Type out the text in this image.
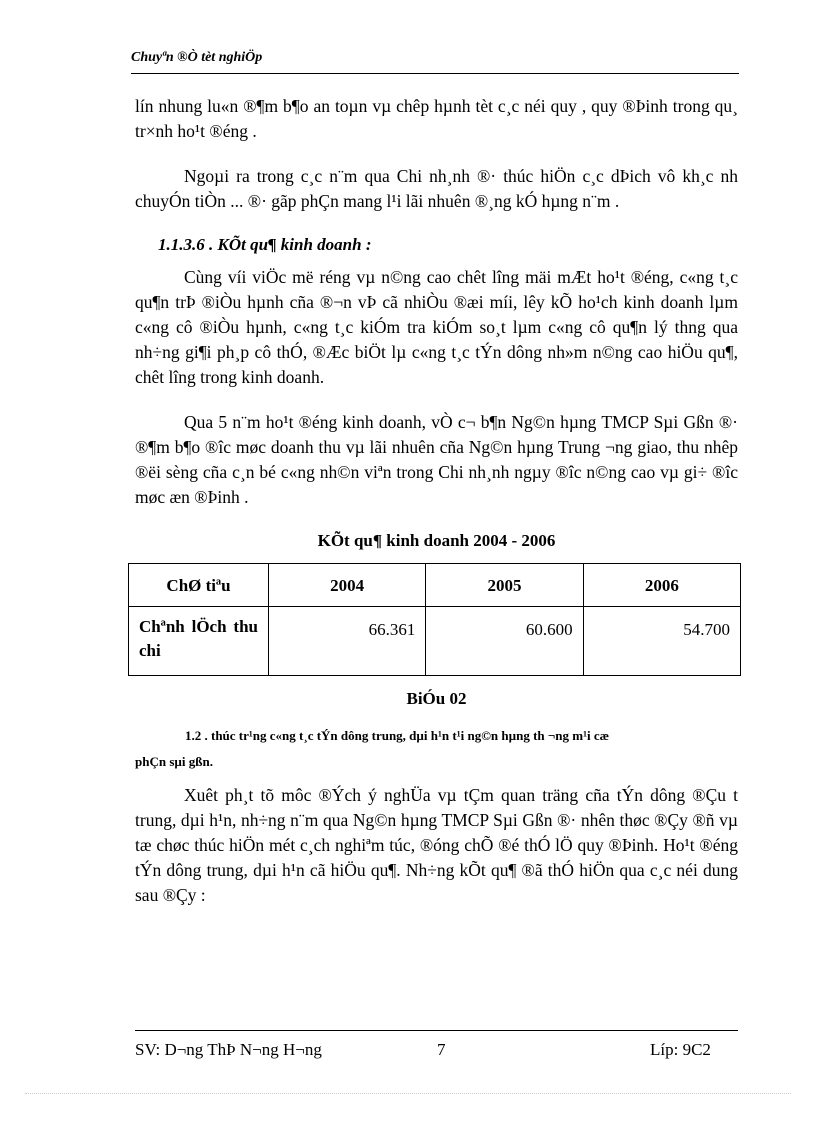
Chuyªn ®Ò tèt nghiÖp

lín nhung lu«n ®¶m b¶o an toµn vµ chêp hµnh tèt c¸c néi quy , quy ®Þinh trong qu¸ tr×nh ho¹t ®éng .

Ngoµi ra trong c¸c n¨m qua Chi nh¸nh ®· thúc hiÖn c¸c dÞich vô kh¸c nh chuyÓn tiÒn ... ®· gãp phÇn mang l¹i lãi nhuên ®¸ng kÓ hµng n¨m .

1.1.3.6 . KÕt qu¶ kinh doanh :

Cùng víi viÖc më réng vµ n©ng cao chêt lîng mäi mÆt ho¹t ®éng, c«ng t¸c qu¶n trÞ ®iÒu hµnh cña ®¬n vÞ cã nhiÒu ®æi míi, lêy kÕ ho¹ch kinh doanh lµm c«ng cô ®iÒu hµnh, c«ng t¸c kiÓm tra kiÓm so¸t lµm c«ng cô qu¶n lý thng qua nh÷ng gi¶i ph¸p cô thÓ, ®Æc biÖt lµ c«ng t¸c tÝn dông nh»m n©ng cao hiÖu qu¶, chêt lîng trong kinh doanh.

Qua 5 n¨m ho¹t ®éng kinh doanh, vÒ c¬ b¶n Ng©n hµng TMCP Sµi Gßn ®· ®¶m b¶o ®îc møc doanh thu vµ lãi nhuên cña Ng©n hµng Trung ¬ng giao, thu nhêp ®ëi sèng cña c¸n bé c«ng nh©n viªn trong Chi nh¸nh ngµy ®îc n©ng cao vµ gi÷ ®îc møc æn ®Þinh .

KÕt qu¶ kinh doanh 2004 - 2006

ChØ tiªu	2004	2005	2006
Chªnh lÖch thu chi	66.361	60.600	54.700

BiÓu 02

1.2 . thúc tr¹ng c«ng t¸c tÝn dông trung, dµi h¹n t¹i ng©n hµng th ¬ng m¹i cæ
phÇn sµi gßn.

Xuêt ph¸t tõ môc ®Ých ý nghÜa vµ tÇm quan träng cña tÝn dông ®Çu t trung, dµi h¹n, nh÷ng n¨m qua Ng©n hµng TMCP Sµi Gßn ®· nhên thøc ®Çy ®ñ vµ tæ chøc thúc hiÖn mét c¸ch nghiªm túc, ®óng chÕ ®é thÓ lÖ quy ®Þinh. Ho¹t ®éng tÝn dông trung, dµi h¹n cã hiÖu qu¶. Nh÷ng kÕt qu¶ ®ã thÓ hiÖn qua c¸c néi dung sau ®Çy :

SV: D¬ng ThÞ N¬ng H¬ng	7	Líp: 9C2
